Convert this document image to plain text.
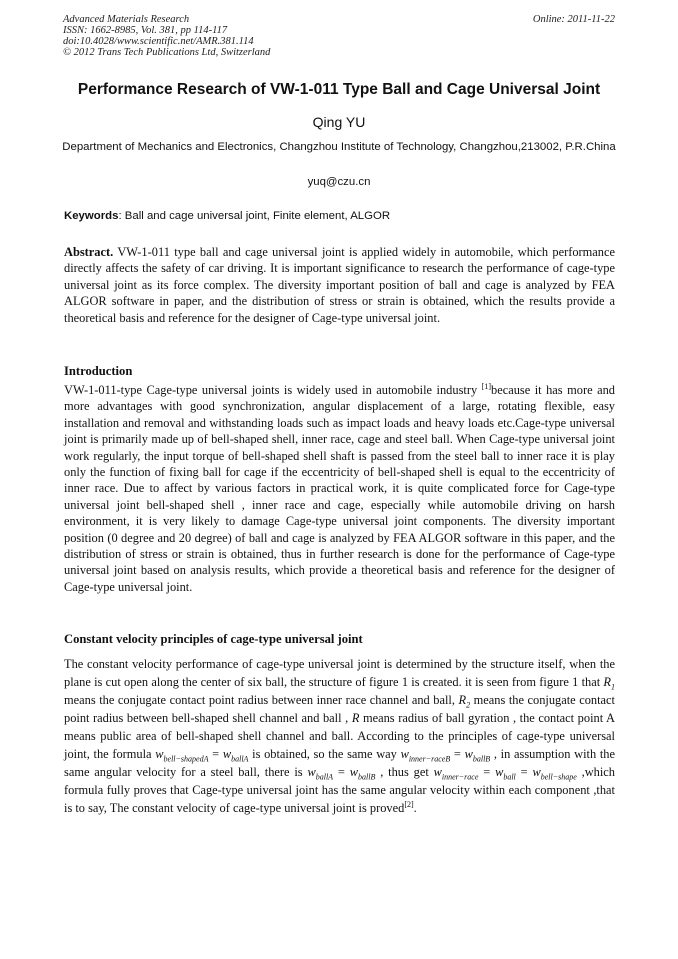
Advanced Materials Research
ISSN: 1662-8985, Vol. 381, pp 114-117
doi:10.4028/www.scientific.net/AMR.381.114
© 2012 Trans Tech Publications Ltd, Switzerland
Online: 2011-11-22
Performance Research of VW-1-011 Type Ball and Cage Universal Joint
Qing YU
Department of Mechanics and Electronics, Changzhou Institute of Technology, Changzhou,213002, P.R.China
yuq@czu.cn
Keywords: Ball and cage universal joint, Finite element, ALGOR
Abstract. VW-1-011 type ball and cage universal joint is applied widely in automobile, which performance directly affects the safety of car driving. It is important significance to research the performance of cage-type universal joint as its force complex. The diversity important position of ball and cage is analyzed by FEA ALGOR software in paper, and the distribution of stress or strain is obtained, which the results provide a theoretical basis and reference for the designer of Cage-type universal joint.
Introduction
VW-1-011-type Cage-type universal joints is widely used in automobile industry [1]because it has more and more advantages with good synchronization, angular displacement of a large, rotating flexible, easy installation and removal and withstanding loads such as impact loads and heavy loads etc.Cage-type universal joint is primarily made up of bell-shaped shell, inner race, cage and steel ball. When Cage-type universal joint work regularly, the input torque of bell-shaped shell shaft is passed from the steel ball to inner race it is play only the function of fixing ball for cage if the eccentricity of bell-shaped shell is equal to the eccentricity of inner race. Due to affect by various factors in practical work, it is quite complicated force for Cage-type universal joint bell-shaped shell , inner race and cage, especially while automobile driving on harsh environment, it is very likely to damage Cage-type universal joint components. The diversity important position (0 degree and 20 degree) of ball and cage is analyzed by FEA ALGOR software in this paper, and the distribution of stress or strain is obtained, thus in further research is done for the performance of Cage-type universal joint based on analysis results, which provide a theoretical basis and reference for the designer of Cage-type universal joint.
Constant velocity principles of cage-type universal joint
The constant velocity performance of cage-type universal joint is determined by the structure itself, when the plane is cut open along the center of six ball, the structure of figure 1 is created. it is seen from figure 1 that $R_1$ means the conjugate contact point radius between inner race channel and ball, $R_2$ means the conjugate contact point radius between bell-shaped shell channel and ball , R means radius of ball gyration , the contact point A means public area of bell-shaped shell channel and ball. According to the principles of cage-type universal joint, the formula $w_{bell-shapedA} = w_{ballA}$ is obtained, so the same way $w_{inner-raceB} = w_{ballB}$ , in assumption with the same angular velocity for a steel ball, there is $w_{ballA} = w_{ballB}$ , thus get $w_{inner-race} = w_{ball} = w_{bell-shape}$ ,which formula fully proves that Cage-type universal joint has the same angular velocity within each component ,that is to say, The constant velocity of cage-type universal joint is proved[2].
